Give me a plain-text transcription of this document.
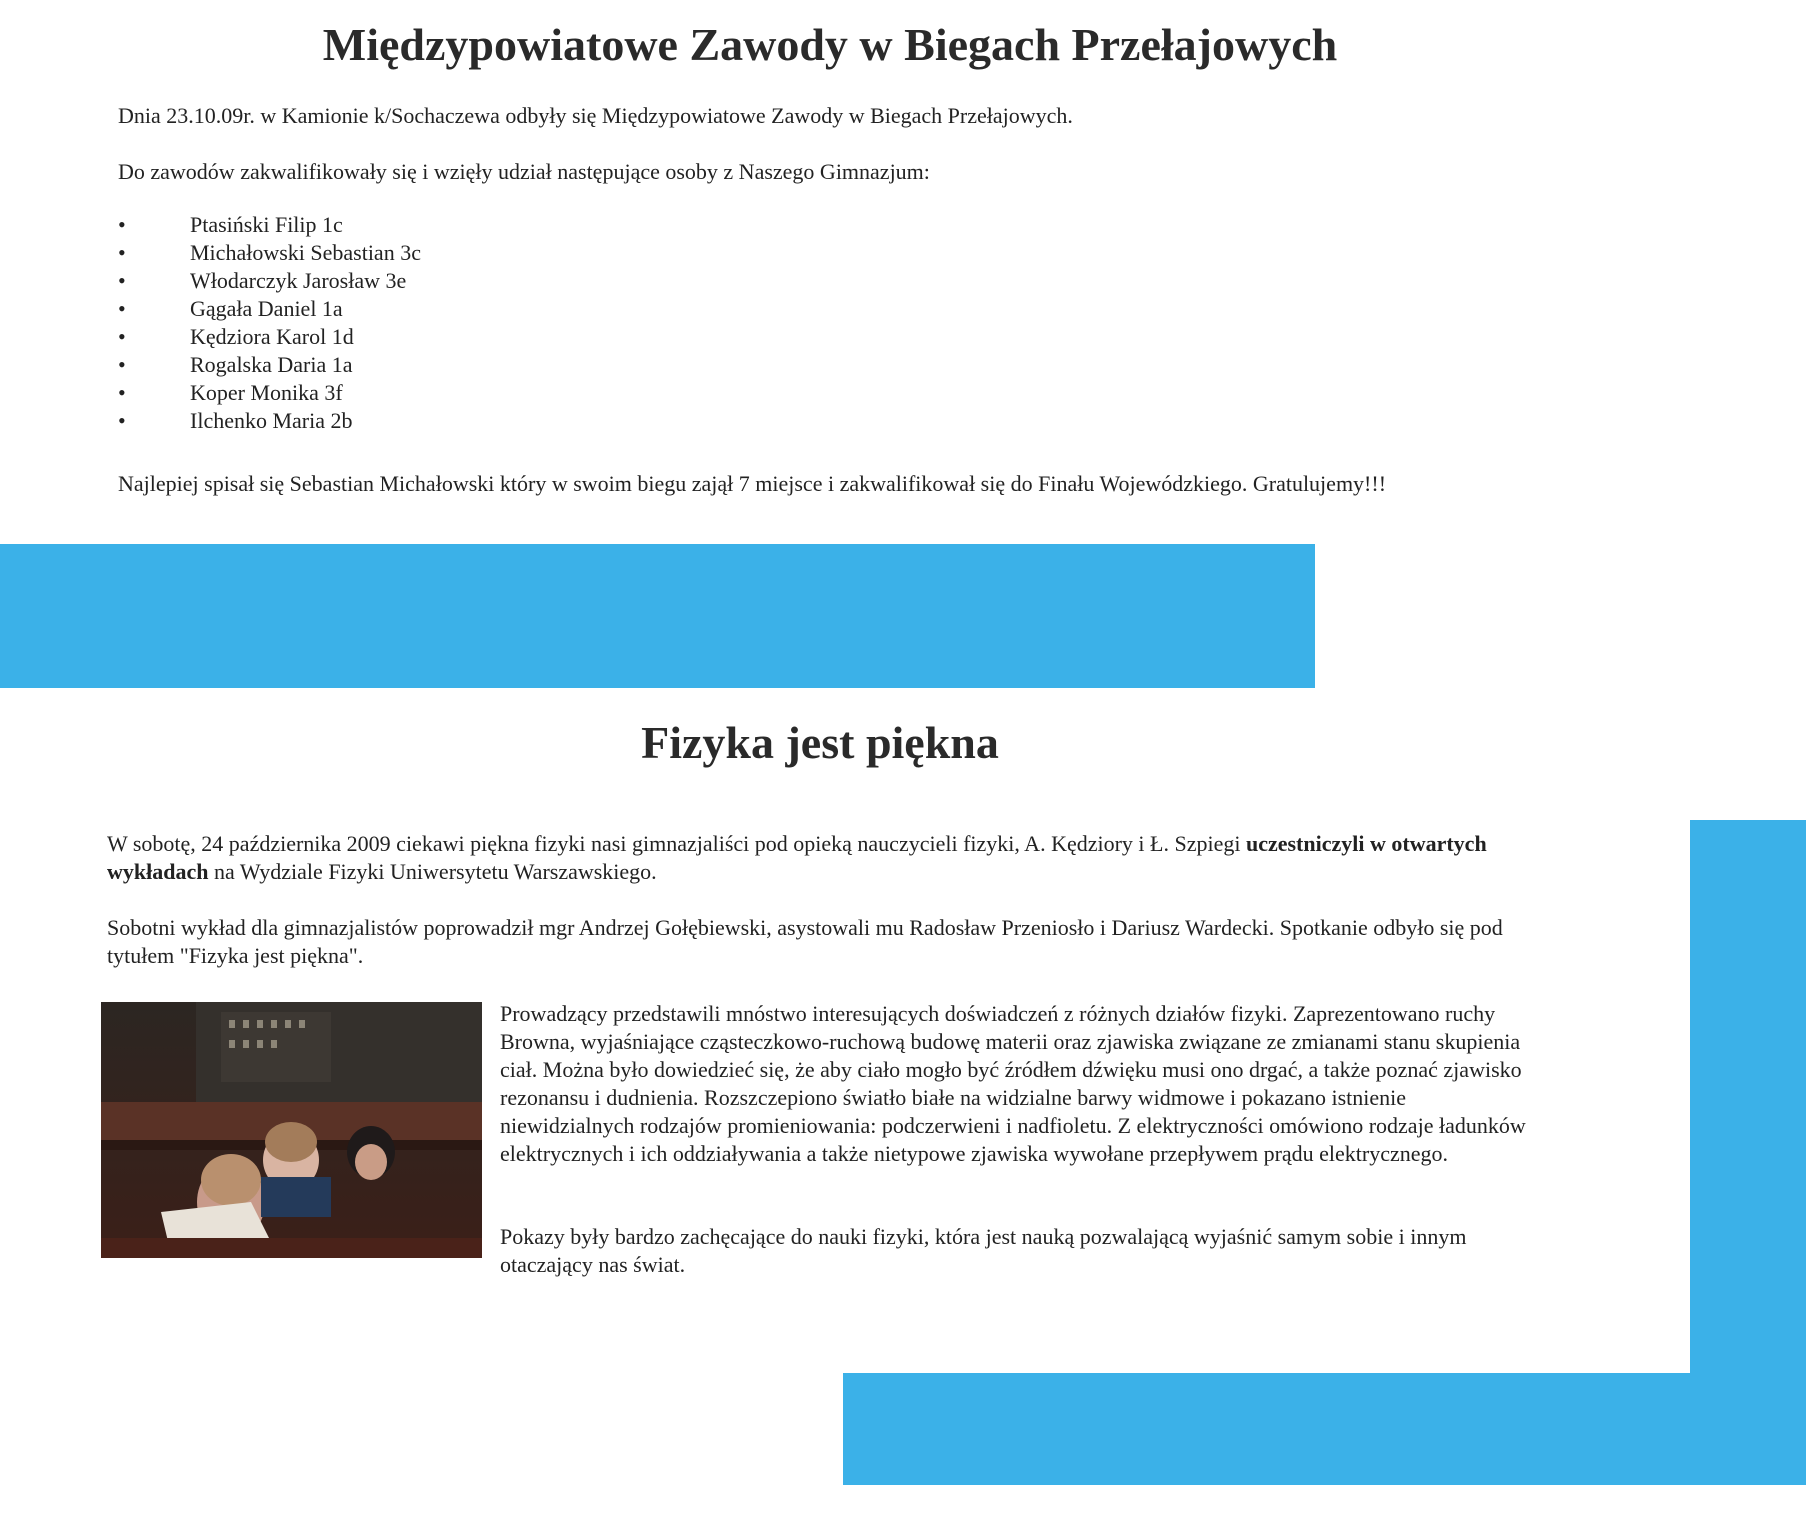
Międzypowiatowe Zawody w Biegach Przełajowych

Dnia 23.10.09r. w Kamionie k/Sochaczewa odbyły się Międzypowiatowe Zawody w Biegach Przełajowych.

Do zawodów zakwalifikowały się i wzięły udział następujące osoby z Naszego Gimnazjum:

• Ptasiński Filip 1c
• Michałowski Sebastian 3c
• Włodarczyk Jarosław 3e
• Gągała Daniel 1a
• Kędziora Karol 1d
• Rogalska Daria 1a
• Koper Monika 3f
• Ilchenko Maria 2b

Najlepiej spisał się Sebastian Michałowski który w swoim biegu zajął 7 miejsce i zakwalifikował się do Finału Wojewódzkiego. Gratulujemy!!!

Fizyka jest piękna

W sobotę, 24 października 2009 ciekawi piękna fizyki nasi gimnazjaliści pod opieką nauczycieli fizyki, A. Kędziory i Ł. Szpiegi uczestniczyli w otwartych wykładach na Wydziale Fizyki Uniwersytetu Warszawskiego.

Sobotni wykład dla gimnazjalistów poprowadził mgr Andrzej Gołębiewski, asystowali mu Radosław Przeniosło i Dariusz Wardecki. Spotkanie odbyło się pod tytułem "Fizyka jest piękna".

Prowadzący przedstawili mnóstwo interesujących doświadczeń z różnych działów fizyki. Zaprezentowano ruchy Browna, wyjaśniające cząsteczkowo-ruchową budowę materii oraz zjawiska związane ze zmianami stanu skupienia ciał. Można było dowiedzieć się, że aby ciało mogło być źródłem dźwięku musi ono drgać, a także poznać zjawisko rezonansu i dudnienia. Rozszczepiono światło białe na widzialne barwy widmowe i pokazano istnienie niewidzialnych rodzajów promieniowania: podczerwieni i nadfioletu. Z elektryczności omówiono rodzaje ładunków elektrycznych i ich oddziaływania a także nietypowe zjawiska wywołane przepływem prądu elektrycznego.

Pokazy były bardzo zachęcające do nauki fizyki, która jest nauką pozwalającą wyjaśnić samym sobie i innym otaczający nas świat.
